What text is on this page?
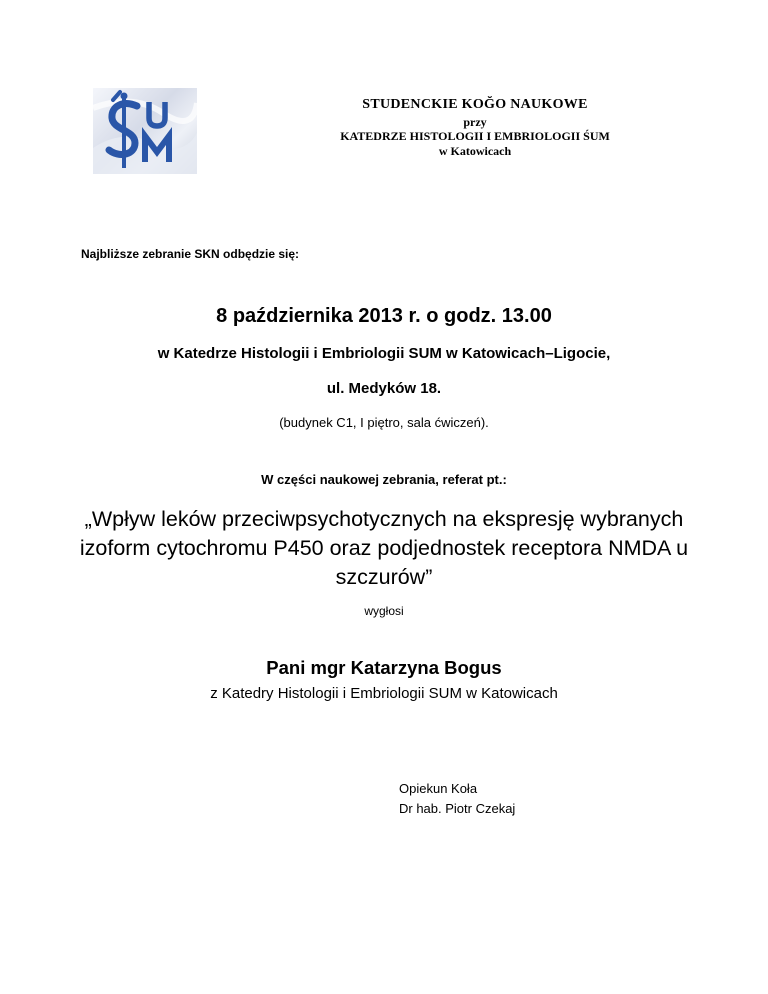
STUDENCKIE KOĞO NAUKOWE
przy
KATEDRZE HISTOLOGII I EMBRIOLOGII ŚUM
w Katowicach
Najbliższe zebranie SKN odbędzie się:
8 października 2013 r. o godz. 13.00
w Katedrze Histologii i Embriologii SUM w Katowicach–Ligocie,
ul. Medyków 18.
(budynek C1, I piętro, sala ćwiczeń).
W części naukowej zebrania, referat pt.:
„Wpływ leków przeciwpsychotycznych na ekspresję wybranych izoform cytochromu P450 oraz podjednostek receptora NMDA u szczurów”
wygłosi
Pani mgr Katarzyna Bogus
z Katedry Histologii i Embriologii SUM w Katowicach
Opiekun Koła
Dr hab. Piotr Czekaj
